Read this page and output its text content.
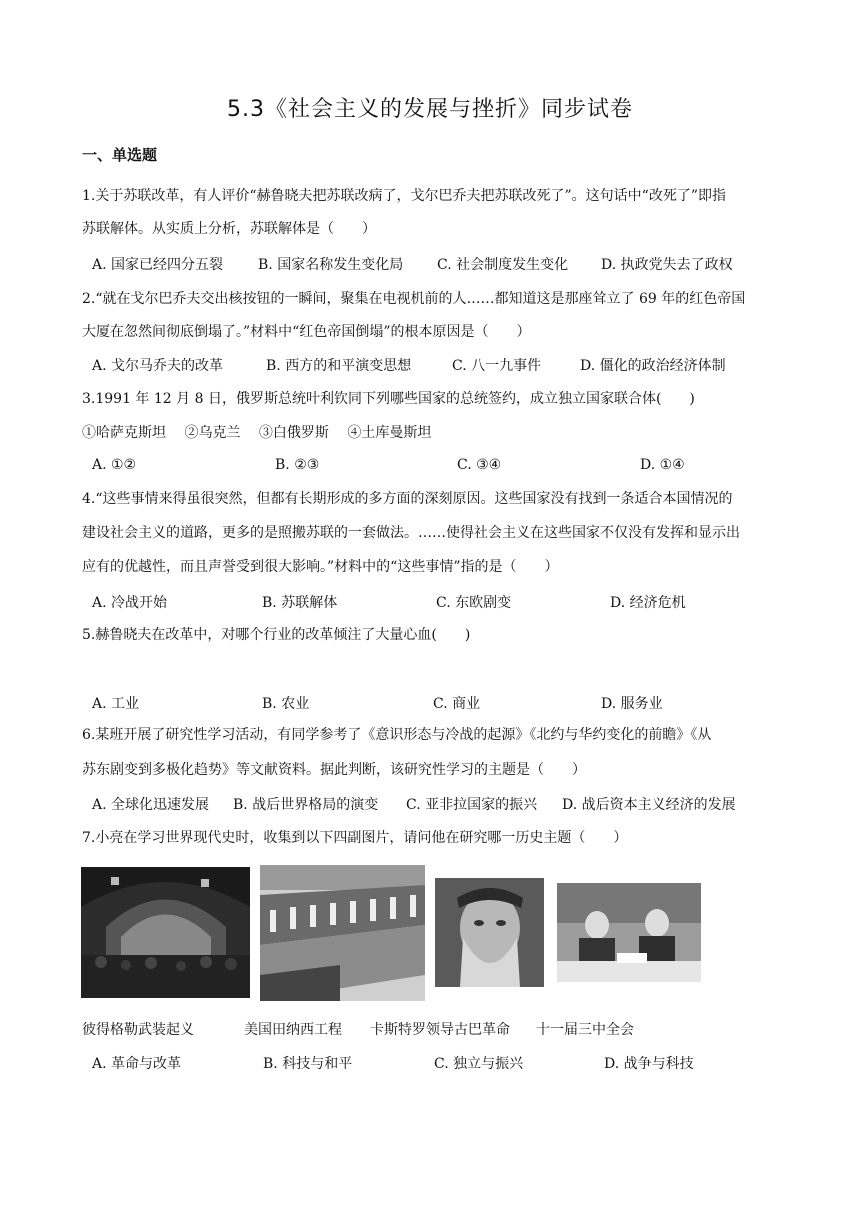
5.3《社会主义的发展与挫折》同步试卷
一、单选题
1.关于苏联改革，有人评价“赫鲁晓夫把苏联改病了，戈尔巴乔夫把苏联改死了”。这句话中“改死了”即指
苏联解体。从实质上分析，苏联解体是（　　）
A. 国家已经四分五裂 B. 国家名称发生变化局 C. 社会制度发生变化 D. 执政党失去了政权
2.“就在戈尔巴乔夫交出核按钮的一瞬间，聚集在电视机前的人……都知道这是那座耸立了 69 年的红色帝国
大厦在忽然间彻底倒塌了。”材料中“红色帝国倒塌”的根本原因是（　　）
A. 戈尔马乔夫的改革	B. 西方的和平演变思想	C. 八一九事件	D. 僵化的政治经济体制
3.1991 年 12 月 8 日，俄罗斯总统叶利钦同下列哪些国家的总统签约，成立独立国家联合体(　　)
①哈萨克斯坦　 ②乌克兰　 ③白俄罗斯　 ④土库曼斯坦
A. ①②	B. ②③	C. ③④	D. ①④
4.“这些事情来得虽很突然，但都有长期形成的多方面的深刻原因。这些国家没有找到一条适合本国情况的
建设社会主义的道路，更多的是照搬苏联的一套做法。……使得社会主义在这些国家不仅没有发挥和显示出
应有的优越性，而且声誉受到很大影响。”材料中的“这些事情”指的是（　　）
A. 冷战开始	B. 苏联解体	C. 东欧剧变	D. 经济危机
5.赫鲁晓夫在改革中，对哪个行业的改革倾注了大量心血(　　)
A. 工业	B. 农业	C. 商业	D. 服务业
6.某班开展了研究性学习活动，有同学参考了《意识形态与冷战的起源》《北约与华约变化的前瞻》《从
苏东剧变到多极化趋势》等文献资料。据此判断，该研究性学习的主题是（　　）
A. 全球化迅速发展 B. 战后世界格局的演变 C. 亚非拉国家的振兴 D. 战后资本主义经济的发展
7.小亮在学习世界现代史时，收集到以下四副图片，请问他在研究哪一历史主题（　　）
彼得格勒武装起义	美国田纳西工程 卡斯特罗领导古巴革命 十一届三中全会
A. 革命与改革	B. 科技与和平	C. 独立与振兴	D. 战争与科技
